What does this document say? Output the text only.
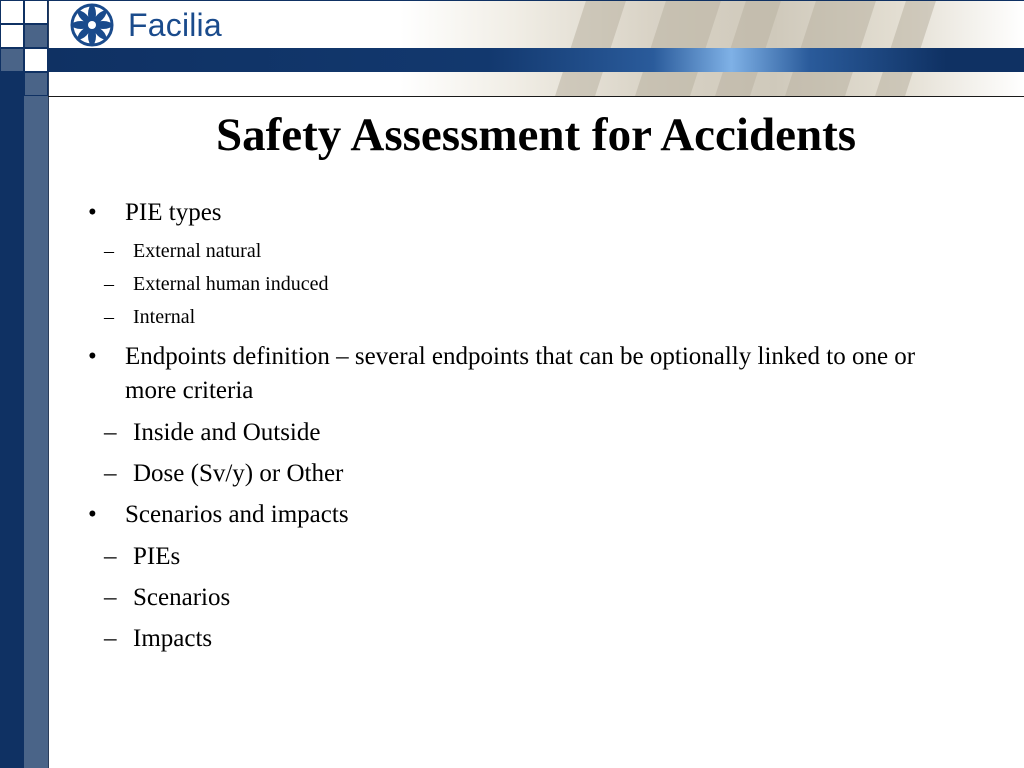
Facilia
Safety Assessment for Accidents
• PIE types
– External natural
– External human induced
– Internal
• Endpoints definition – several endpoints that can be optionally linked to one or more criteria
– Inside and Outside
– Dose (Sv/y) or Other
• Scenarios and impacts
– PIEs
– Scenarios
– Impacts
